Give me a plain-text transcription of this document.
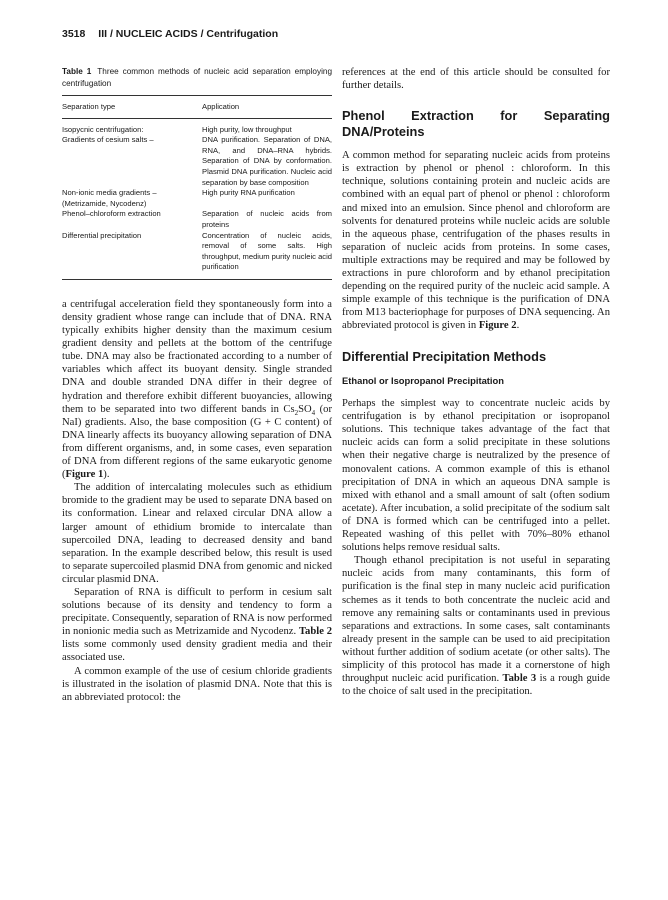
3518 III / NUCLEIC ACIDS / Centrifugation

Table 1 Three common methods of nucleic acid separation employing centrifugation

Separation type	Application
Isopycnic centrifugation:	High purity, low throughput
Gradients of cesium salts –	DNA purification. Separation of DNA, RNA, and DNA–RNA hybrids. Separation of DNA by conformation. Plasmid DNA purification. Nucleic acid separation by base composition
Non-ionic media gradients – (Metrizamide, Nycodenz)	High purity RNA purification
Phenol–chloroform extraction	Separation of nucleic acids from proteins
Differential precipitation	Concentration of nucleic acids, removal of some salts. High throughput, medium purity nucleic acid purification

a centrifugal acceleration field they spontaneously form into a density gradient whose range can include that of DNA. RNA typically exhibits higher density than the maximum cesium gradient density and pellets at the bottom of the centrifuge tube. DNA may also be fractionated according to a number of variables which affect its buoyant density. Single stranded DNA and double stranded DNA differ in their degree of hydration and therefore exhibit different buoyancies, allowing them to be separated into two different bands in $Cs_2SO_4$ (or NaI) gradients. Also, the base composition (G + C content) of DNA linearly affects its buoyancy allowing separation of DNA from different organisms, and, in some cases, even separation of DNA from different regions of the same eukaryotic genome (Figure 1).

The addition of intercalating molecules such as ethidium bromide to the gradient may be used to separate DNA based on its conformation. Linear and relaxed circular DNA allow a larger amount of ethidium bromide to intercalate than supercoiled DNA, leading to decreased density and band separation. In the example described below, this result is used to separate supercoiled plasmid DNA from genomic and nicked circular plasmid DNA.

Separation of RNA is difficult to perform in cesium salt solutions because of its density and tendency to form a precipitate. Consequently, separation of RNA is now performed in nonionic media such as Metrizamide and Nycodenz. Table 2 lists some commonly used density gradient media and their associated use.

A common example of the use of cesium chloride gradients is illustrated in the isolation of plasmid DNA. Note that this is an abbreviated protocol: the

references at the end of this article should be consulted for further details.

Phenol Extraction for Separating DNA/Proteins

A common method for separating nucleic acids from proteins is extraction by phenol or phenol : chloroform. In this technique, solutions containing protein and nucleic acids are combined with an equal part of phenol or phenol : chloroform and mixed into an emulsion. Since phenol and chloroform are solvents for denatured proteins while nucleic acids are soluble in the aqueous phase, centrifugation of the phases results in separation of nucleic acids from proteins. In some cases, multiple extractions may be required and may be followed by extractions in pure chloroform and by ethanol precipitation depending on the required purity of the nucleic acid sample. A simple example of this technique is the purification of DNA from M13 bacteriophage for purposes of DNA sequencing. An abbreviated protocol is given in Figure 2.

Differential Precipitation Methods
Ethanol or Isopropanol Precipitation

Perhaps the simplest way to concentrate nucleic acids by centrifugation is by ethanol precipitation or isopropanol solutions. This technique takes advantage of the fact that nucleic acids can form a solid precipitate in these solutions when their negative charge is neutralized by the presence of monovalent cations. A common example of this is ethanol precipitation of DNA in which an aqueous DNA sample is mixed with ethanol and a small amount of salt (often sodium acetate). After incubation, a solid precipitate of the sodium salt of DNA is formed which can be centrifuged into a pellet. Repeated washing of this pellet with 70%–80% ethanol solutions helps remove residual salts.

Though ethanol precipitation is not useful in separating nucleic acids from many contaminants, this form of purification is the final step in many nucleic acid purification schemes as it tends to both concentrate the nucleic acid and remove any remaining salts or contaminants used in previous separations and extractions. In some cases, salt contaminants already present in the sample can be used to aid precipitation without further addition of sodium acetate (or other salts). The simplicity of this protocol has made it a cornerstone of high throughput nucleic acid purification. Table 3 is a rough guide to the choice of salt used in the precipitation.
